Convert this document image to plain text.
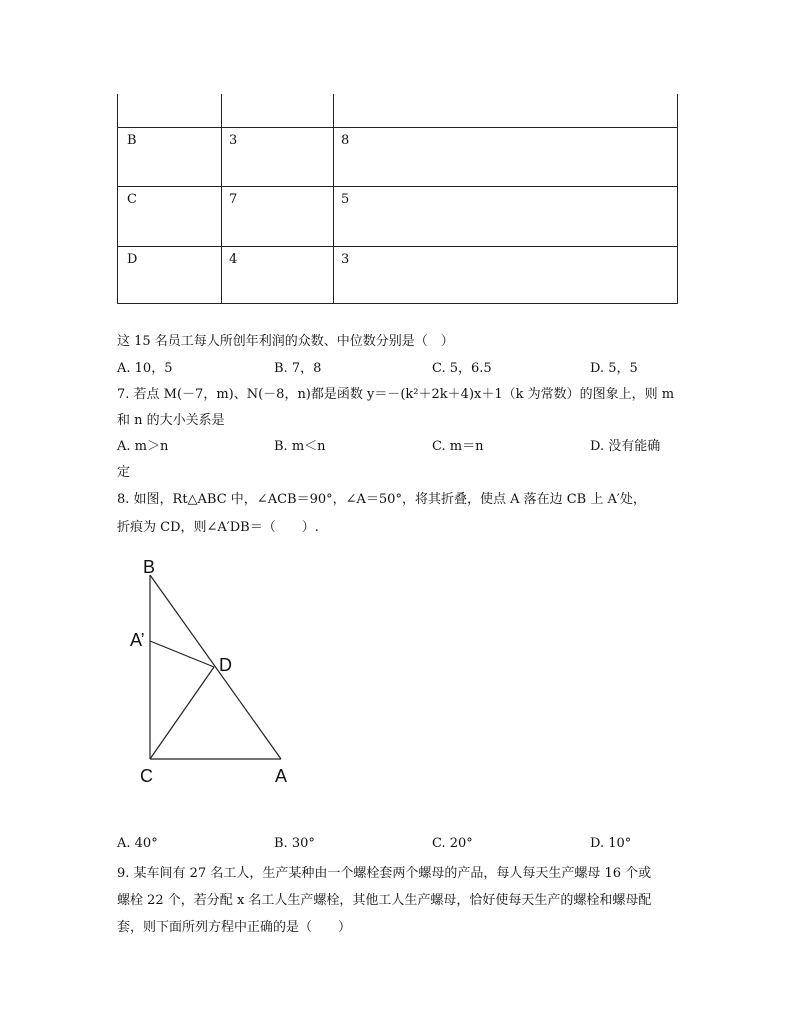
B	3	8
C	7	5
D	4	3
这 15 名员工每人所创年利润的众数、中位数分别是（　）
A. 10，5	B. 7，8	C. 5，6.5	D. 5，5
7. 若点 M(－7，m)、N(－8，n)都是函数 y＝－(k²＋2k＋4)x＋1（k 为常数）的图象上，则 m
和 n 的大小关系是
A. m＞n	B. m＜n	C. m＝n	D. 没有能确
定
8. 如图，Rt△ABC 中，∠ACB＝90°，∠A＝50°，将其折叠，使点 A 落在边 CB 上 A′处，
折痕为 CD，则∠A′DB＝（　　）.
B
A’
D
C	A
A. 40°	B. 30°	C. 20°	D. 10°
9. 某车间有 27 名工人，生产某种由一个螺栓套两个螺母的产品，每人每天生产螺母 16 个或
螺栓 22 个，若分配 x 名工人生产螺栓，其他工人生产螺母，恰好使每天生产的螺栓和螺母配
套，则下面所列方程中正确的是（　　）
